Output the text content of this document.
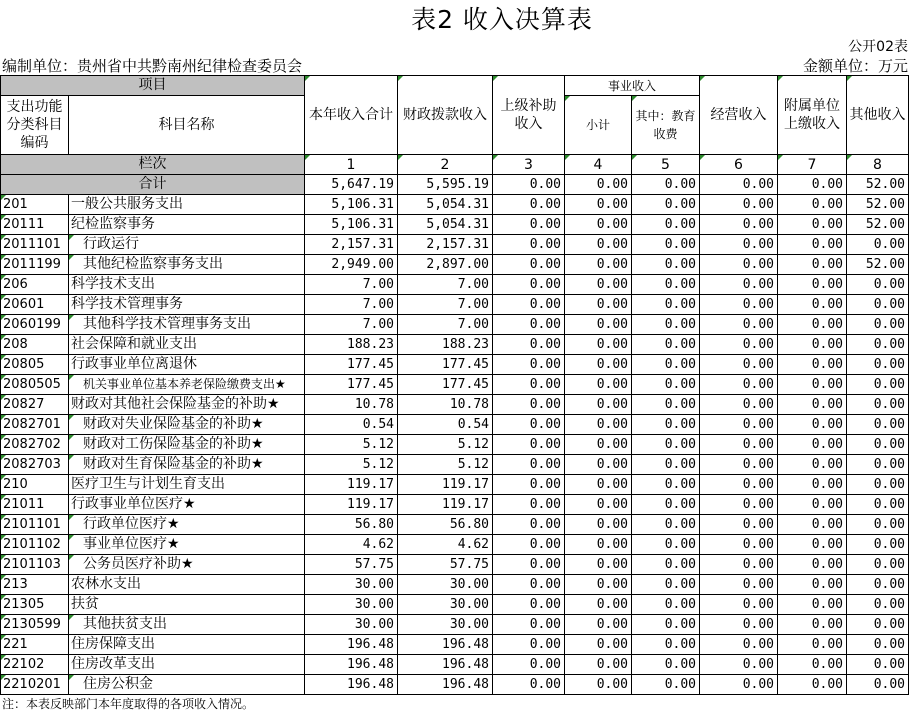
表2 收入决算表
公开02表
编制单位：贵州省中共黔南州纪律检查委员会	金额单位：万元
项目		本年收入合计	财政拨款收入	上级补助收入	事业收入		经营收入	附属单位上缴收入	其他收入
支出功能分类科目编码	科目名称				小计	其中：教育收费			

栏次		1	2	3	4	5	6	7	8
合计		5,647.19	5,595.19	0.00	0.00	0.00	0.00	0.00	52.00
201	一般公共服务支出	5,106.31	5,054.31	0.00	0.00	0.00	0.00	0.00	52.00
20111	纪检监察事务	5,106.31	5,054.31	0.00	0.00	0.00	0.00	0.00	52.00
2011101	行政运行	2,157.31	2,157.31	0.00	0.00	0.00	0.00	0.00	0.00
2011199	其他纪检监察事务支出	2,949.00	2,897.00	0.00	0.00	0.00	0.00	0.00	52.00
206	科学技术支出	7.00	7.00	0.00	0.00	0.00	0.00	0.00	0.00
20601	科学技术管理事务	7.00	7.00	0.00	0.00	0.00	0.00	0.00	0.00
2060199	其他科学技术管理事务支出	7.00	7.00	0.00	0.00	0.00	0.00	0.00	0.00
208	社会保障和就业支出	188.23	188.23	0.00	0.00	0.00	0.00	0.00	0.00
20805	行政事业单位离退休	177.45	177.45	0.00	0.00	0.00	0.00	0.00	0.00
2080505	机关事业单位基本养老保险缴费支出★	177.45	177.45	0.00	0.00	0.00	0.00	0.00	0.00
20827	财政对其他社会保险基金的补助★	10.78	10.78	0.00	0.00	0.00	0.00	0.00	0.00
2082701	财政对失业保险基金的补助★	0.54	0.54	0.00	0.00	0.00	0.00	0.00	0.00
2082702	财政对工伤保险基金的补助★	5.12	5.12	0.00	0.00	0.00	0.00	0.00	0.00
2082703	财政对生育保险基金的补助★	5.12	5.12	0.00	0.00	0.00	0.00	0.00	0.00
210	医疗卫生与计划生育支出	119.17	119.17	0.00	0.00	0.00	0.00	0.00	0.00
21011	行政事业单位医疗★	119.17	119.17	0.00	0.00	0.00	0.00	0.00	0.00
2101101	行政单位医疗★	56.80	56.80	0.00	0.00	0.00	0.00	0.00	0.00
2101102	事业单位医疗★	4.62	4.62	0.00	0.00	0.00	0.00	0.00	0.00
2101103	公务员医疗补助★	57.75	57.75	0.00	0.00	0.00	0.00	0.00	0.00
213	农林水支出	30.00	30.00	0.00	0.00	0.00	0.00	0.00	0.00
21305	扶贫	30.00	30.00	0.00	0.00	0.00	0.00	0.00	0.00
2130599	其他扶贫支出	30.00	30.00	0.00	0.00	0.00	0.00	0.00	0.00
221	住房保障支出	196.48	196.48	0.00	0.00	0.00	0.00	0.00	0.00
22102	住房改革支出	196.48	196.48	0.00	0.00	0.00	0.00	0.00	0.00
2210201	住房公积金	196.48	196.48	0.00	0.00	0.00	0.00	0.00	0.00
注：本表反映部门本年度取得的各项收入情况。
